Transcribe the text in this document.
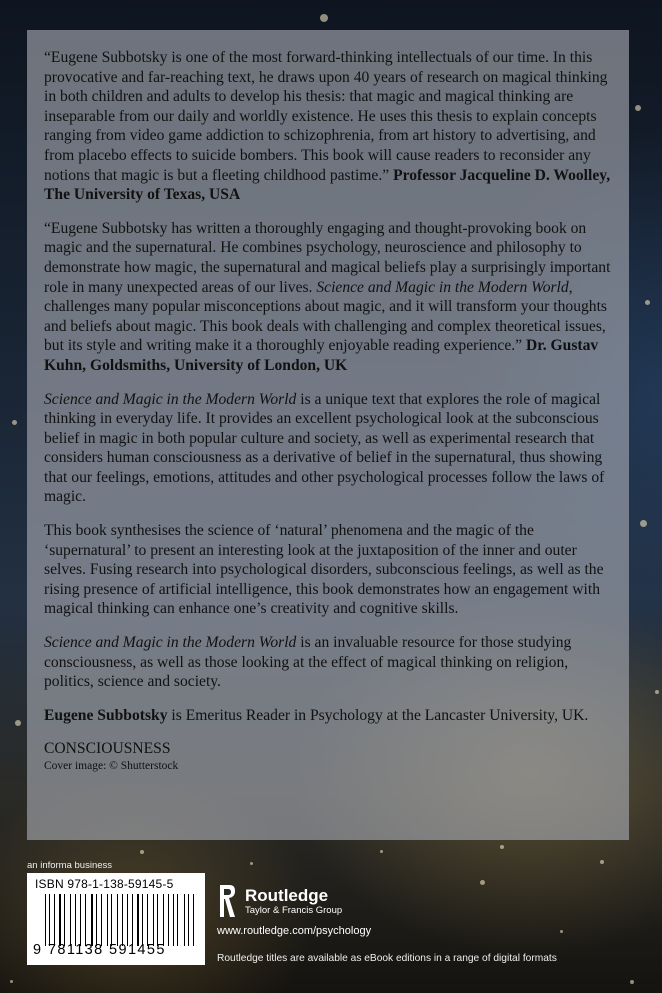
“Eugene Subbotsky is one of the most forward-thinking intellectuals of our time. In this provocative and far-reaching text, he draws upon 40 years of research on magical thinking in both children and adults to develop his thesis: that magic and magical thinking are inseparable from our daily and worldly existence. He uses this thesis to explain concepts ranging from video game addiction to schizophrenia, from art history to advertising, and from placebo effects to suicide bombers. This book will cause readers to reconsider any notions that magic is but a fleeting childhood pastime.” Professor Jacqueline D. Woolley, The University of Texas, USA

“Eugene Subbotsky has written a thoroughly engaging and thought-provoking book on magic and the supernatural. He combines psychology, neuroscience and philosophy to demonstrate how magic, the supernatural and magical beliefs play a surprisingly important role in many unexpected areas of our lives. Science and Magic in the Modern World, challenges many popular misconceptions about magic, and it will transform your thoughts and beliefs about magic. This book deals with challenging and complex theoretical issues, but its style and writing make it a thoroughly enjoyable reading experience.” Dr. Gustav Kuhn, Goldsmiths, University of London, UK

Science and Magic in the Modern World is a unique text that explores the role of magical thinking in everyday life. It provides an excellent psychological look at the subconscious belief in magic in both popular culture and society, as well as experimental research that considers human consciousness as a derivative of belief in the supernatural, thus showing that our feelings, emotions, attitudes and other psychological processes follow the laws of magic.

This book synthesises the science of ‘natural’ phenomena and the magic of the ‘supernatural’ to present an interesting look at the juxtaposition of the inner and outer selves. Fusing research into psychological disorders, subconscious feelings, as well as the rising presence of artificial intelligence, this book demonstrates how an engagement with magical thinking can enhance one’s creativity and cognitive skills.

Science and Magic in the Modern World is an invaluable resource for those studying consciousness, as well as those looking at the effect of magical thinking on religion, politics, science and society.

Eugene Subbotsky is Emeritus Reader in Psychology at the Lancaster University, UK.

CONSCIOUSNESS

Cover image: © Shutterstock

an informa business
ISBN 978-1-138-59145-5
9 781138 591455
Routledge
Taylor & Francis Group
www.routledge.com/psychology
Routledge titles are available as eBook editions in a range of digital formats
